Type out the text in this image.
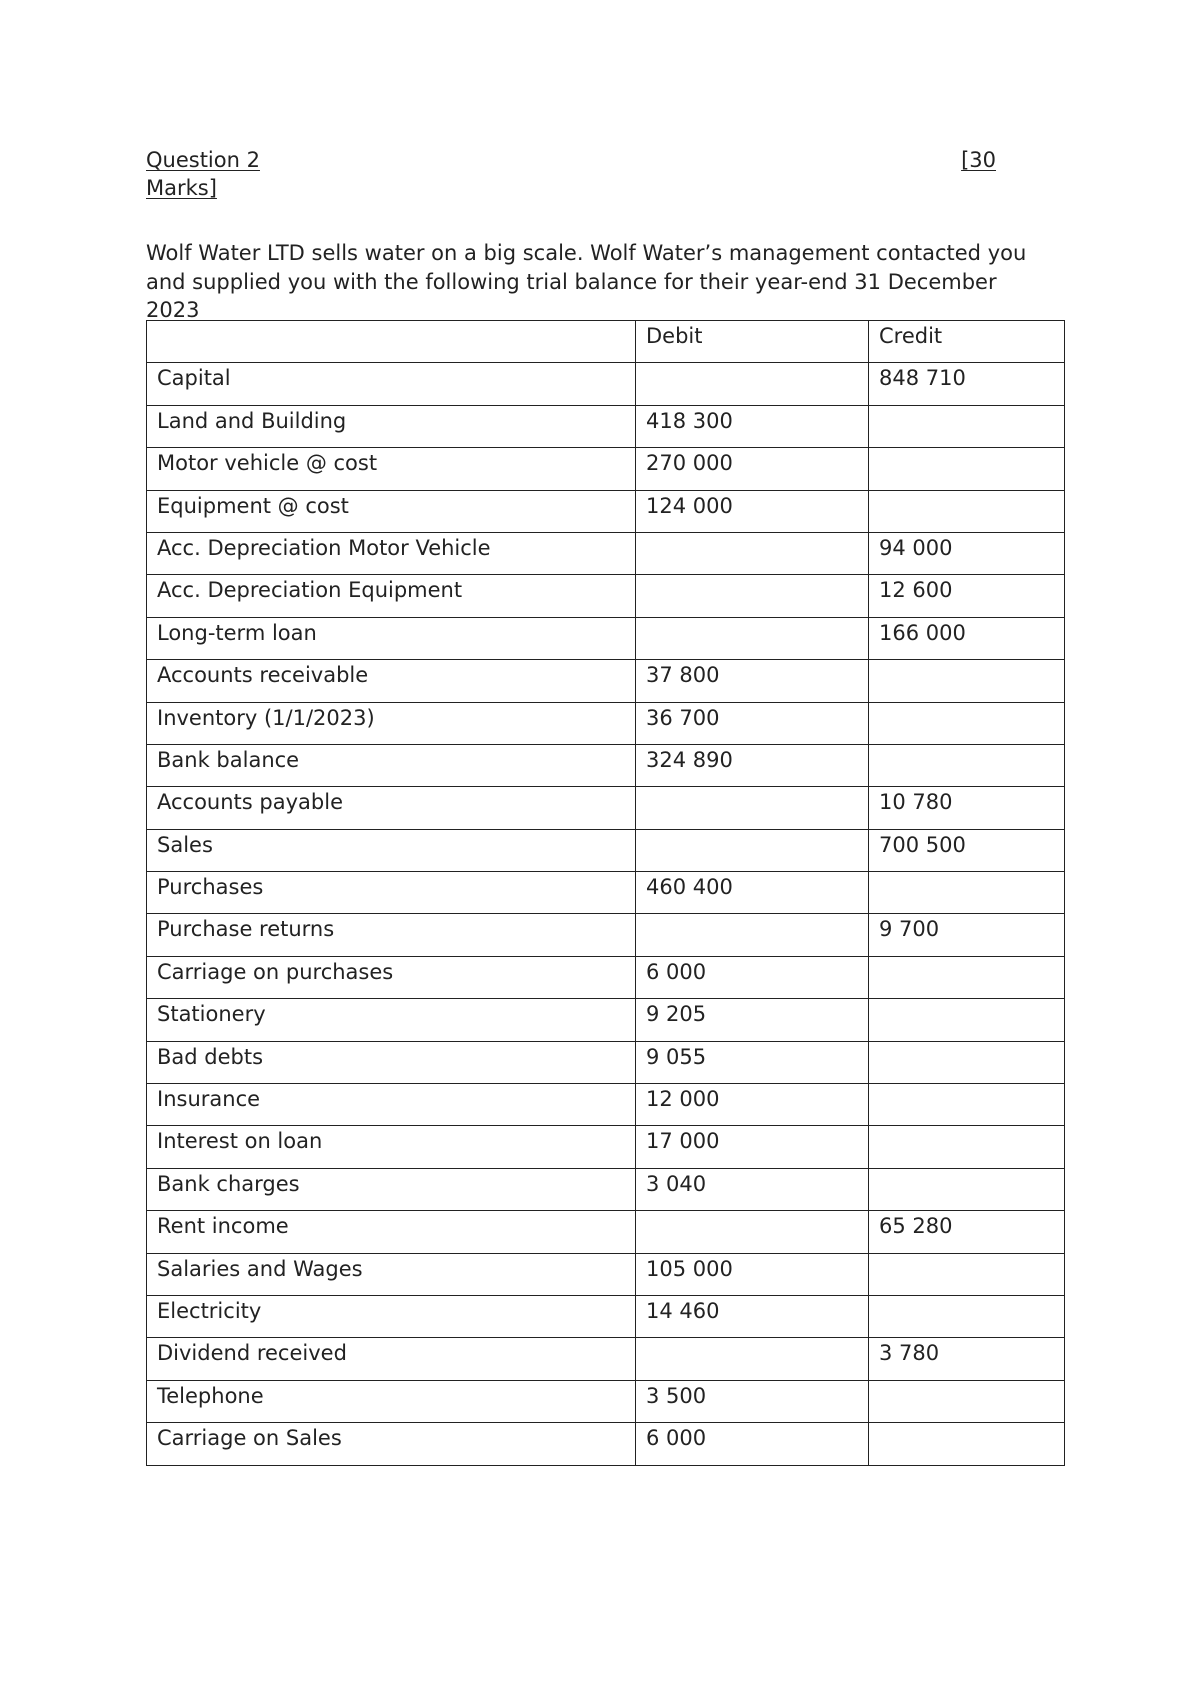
Question 2	[30
Marks]

Wolf Water LTD sells water on a big scale. Wolf Water’s management contacted you and supplied you with the following trial balance for their year-end 31 December 2023

	Debit	Credit
Capital		848 710
Land and Building	418 300	
Motor vehicle @ cost	270 000	
Equipment @ cost	124 000	
Acc. Depreciation Motor Vehicle		94 000
Acc. Depreciation Equipment		12 600
Long-term loan		166 000
Accounts receivable	37 800	
Inventory (1/1/2023)	36 700	
Bank balance	324 890	
Accounts payable		10 780
Sales		700 500
Purchases	460 400	
Purchase returns		9 700
Carriage on purchases	6 000	
Stationery	9 205	
Bad debts	9 055	
Insurance	12 000	
Interest on loan	17 000	
Bank charges	3 040	
Rent income		65 280
Salaries and Wages	105 000	
Electricity	14 460	
Dividend received		3 780
Telephone	3 500	
Carriage on Sales	6 000	
